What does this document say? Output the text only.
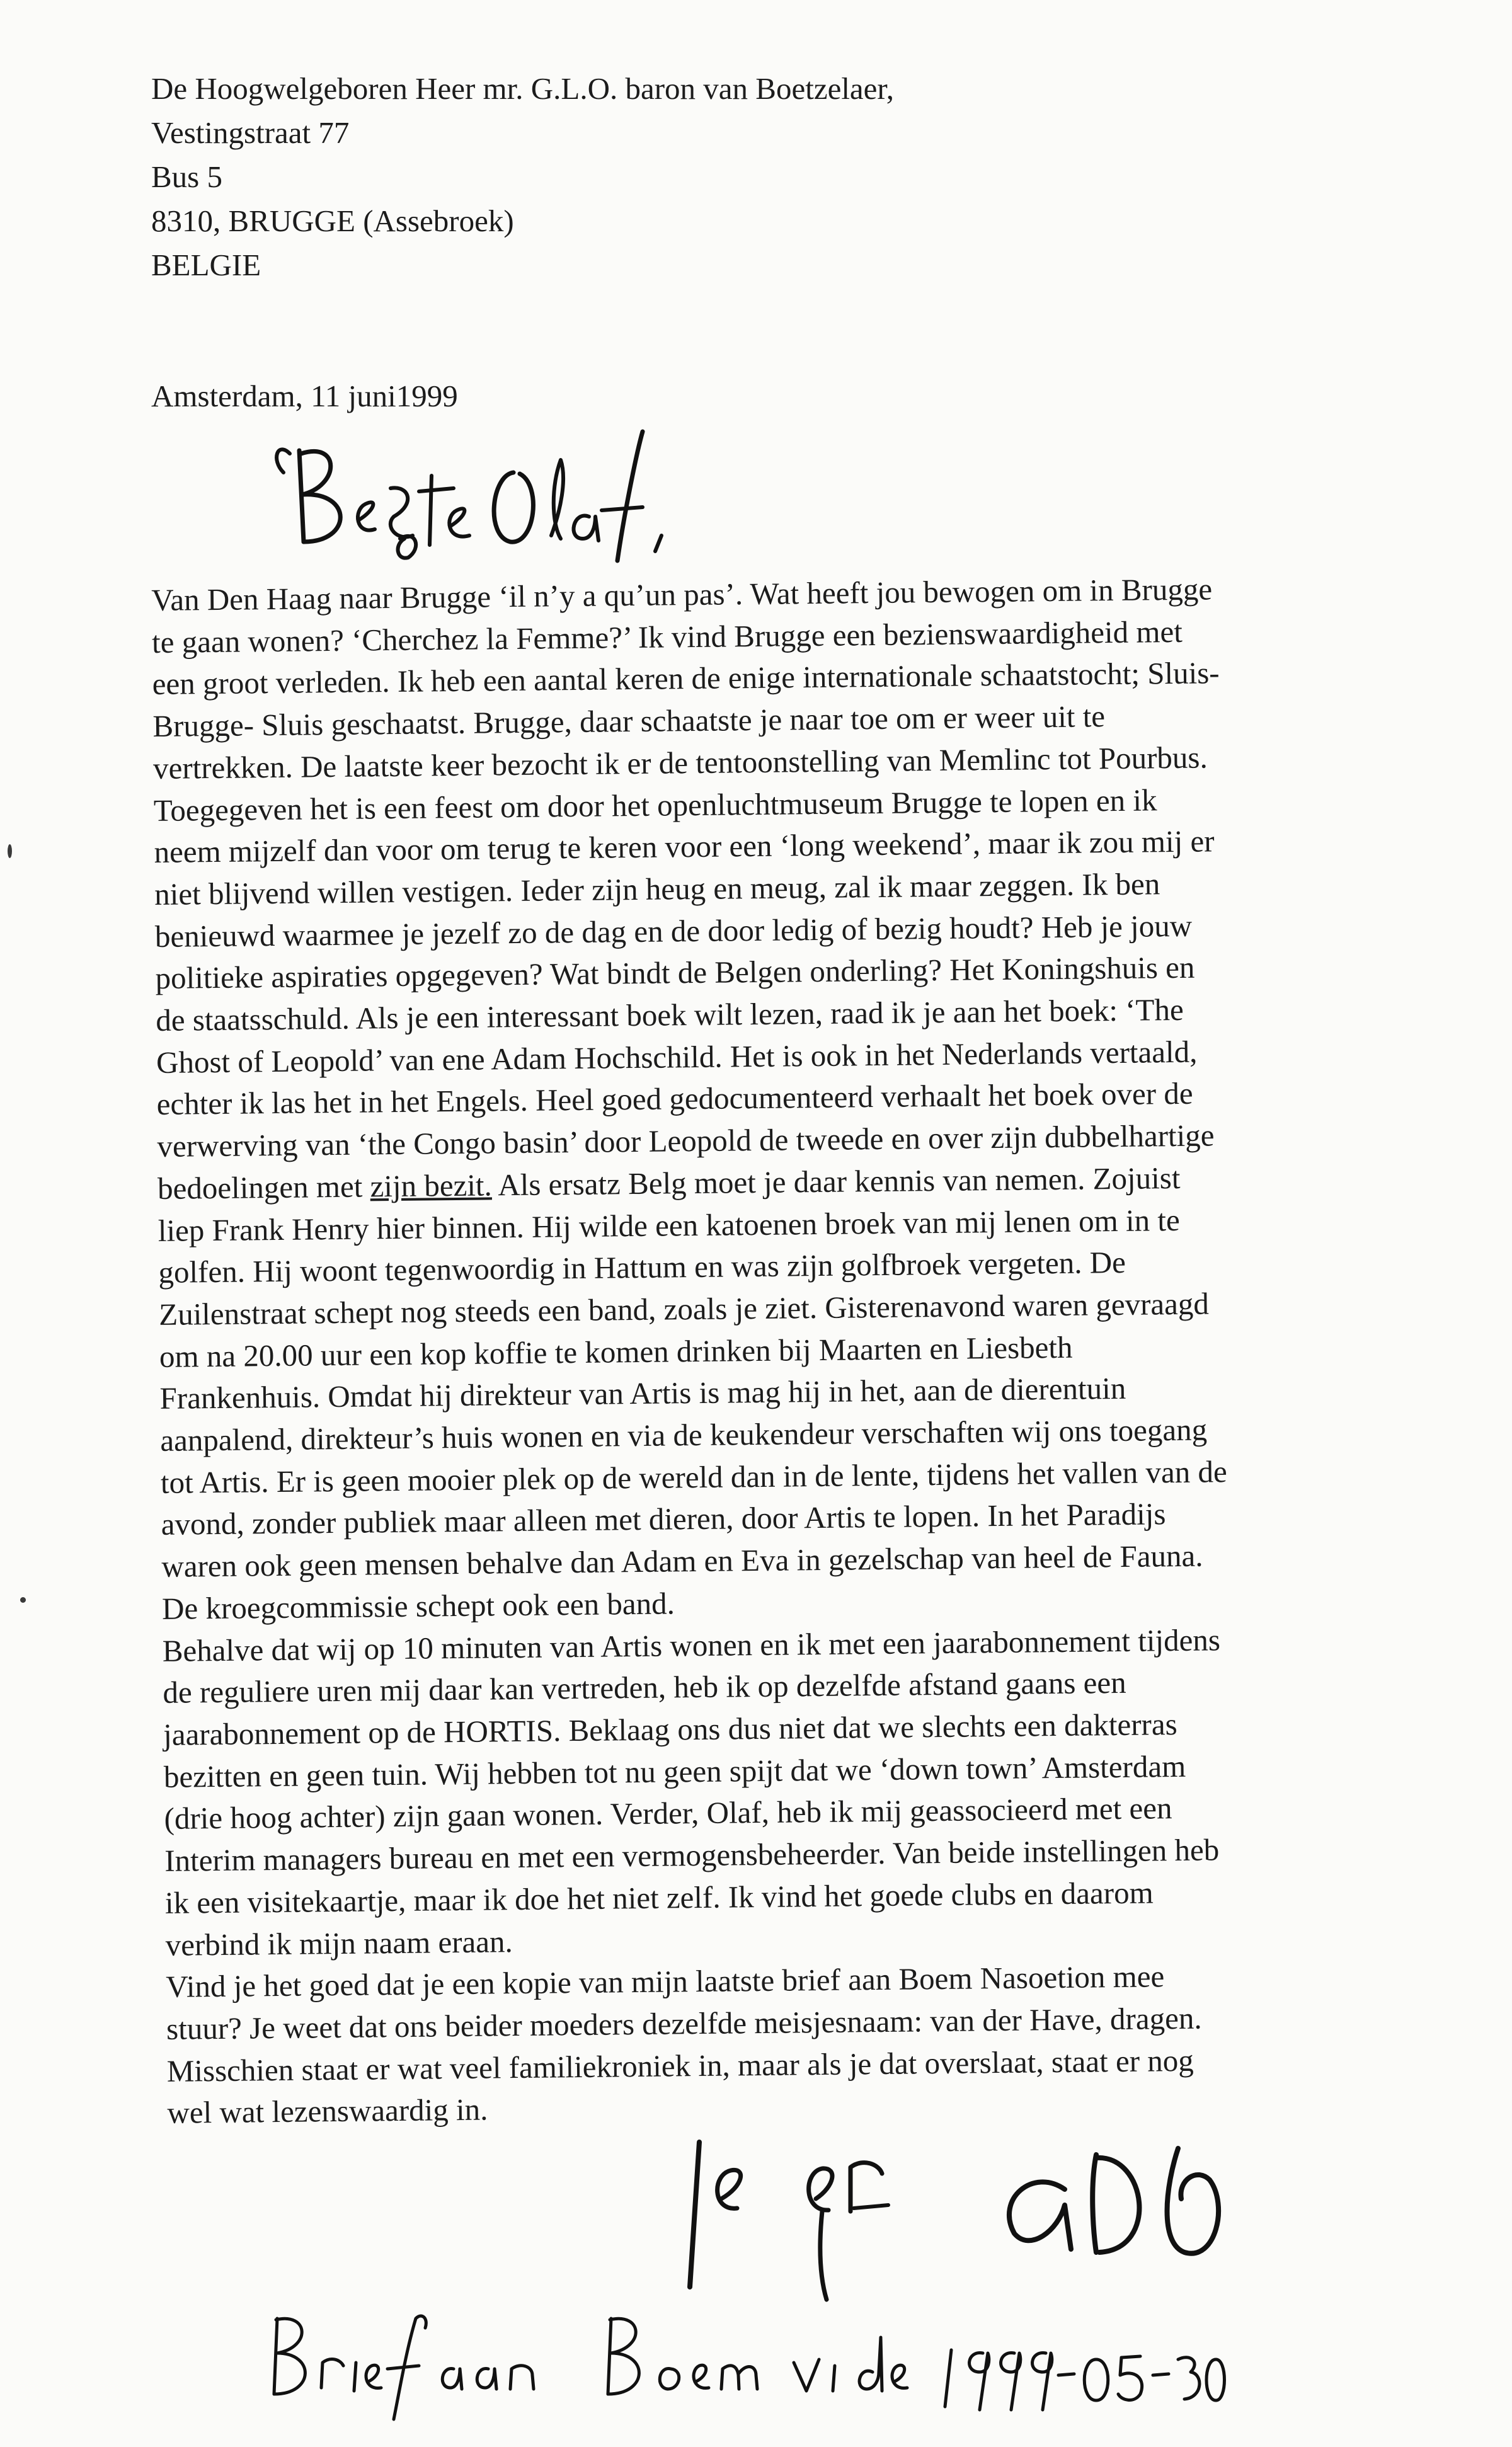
De Hoogwelgeboren Heer mr. G.L.O. baron van Boetzelaer,
Vestingstraat 77
Bus 5
8310, BRUGGE (Assebroek)
BELGIE
Amsterdam, 11 juni1999

Van Den Haag naar Brugge ‘il n’y a qu’un pas’. Wat heeft jou bewogen om in Brugge

te gaan wonen? ‘Cherchez la Femme?’ Ik vind Brugge een bezienswaardigheid met

een groot verleden. Ik heb een aantal keren de enige internationale schaatstocht; Sluis-

Brugge- Sluis geschaatst. Brugge, daar schaatste je naar toe om er weer uit te

vertrekken. De laatste keer bezocht ik er de tentoonstelling van Memlinc tot Pourbus.

Toegegeven het is een feest om door het openluchtmuseum Brugge te lopen en ik

neem mijzelf dan voor om terug te keren voor een ‘long weekend’, maar ik zou mij er

niet blijvend willen vestigen. Ieder zijn heug en meug, zal ik maar zeggen. Ik ben

benieuwd waarmee je jezelf zo de dag en de door ledig of bezig houdt? Heb je jouw

politieke aspiraties opgegeven? Wat bindt de Belgen onderling? Het Koningshuis en

de staatsschuld. Als je een interessant boek wilt lezen, raad ik je aan het boek: ‘The

Ghost of Leopold’ van ene Adam Hochschild. Het is ook in het Nederlands vertaald,

echter ik las het in het Engels. Heel goed gedocumenteerd verhaalt het boek over de

verwerving van ‘the Congo basin’ door Leopold de tweede en over zijn dubbelhartige

bedoelingen met zijn bezit. Als ersatz Belg moet je daar kennis van nemen. Zojuist

liep Frank Henry hier binnen. Hij wilde een katoenen broek van mij lenen om in te

golfen. Hij woont tegenwoordig in Hattum en was zijn golfbroek vergeten. De

Zuilenstraat schept nog steeds een band, zoals je ziet. Gisterenavond waren gevraagd

om na 20.00 uur een kop koffie te komen drinken bij Maarten en Liesbeth

Frankenhuis. Omdat hij direkteur van Artis is mag hij in het, aan de dierentuin

aanpalend, direkteur’s huis wonen en via de keukendeur verschaften wij ons toegang

tot Artis. Er is geen mooier plek op de wereld dan in de lente, tijdens het vallen van de

avond, zonder publiek maar alleen met dieren, door Artis te lopen. In het Paradijs

waren ook geen mensen behalve dan Adam en Eva in gezelschap van heel de Fauna.

De kroegcommissie schept ook een band.

Behalve dat wij op 10 minuten van Artis wonen en ik met een jaarabonnement tijdens

de reguliere uren mij daar kan vertreden, heb ik op dezelfde afstand gaans een

jaarabonnement op de HORTIS. Beklaag ons dus niet dat we slechts een dakterras

bezitten en geen tuin. Wij hebben tot nu geen spijt dat we ‘down town’ Amsterdam

(drie hoog achter) zijn gaan wonen. Verder, Olaf, heb ik mij geassocieerd met een

Interim managers bureau en met een vermogensbeheerder. Van beide instellingen heb

ik een visitekaartje, maar ik doe het niet zelf. Ik vind het goede clubs en daarom

verbind ik mijn naam eraan.

Vind je het goed dat je een kopie van mijn laatste brief aan Boem Nasoetion mee

stuur? Je weet dat ons beider moeders dezelfde meisjesnaam: van der Have, dragen.

Misschien staat er wat veel familiekroniek in, maar als je dat overslaat, staat er nog

wel wat lezenswaardig in.
